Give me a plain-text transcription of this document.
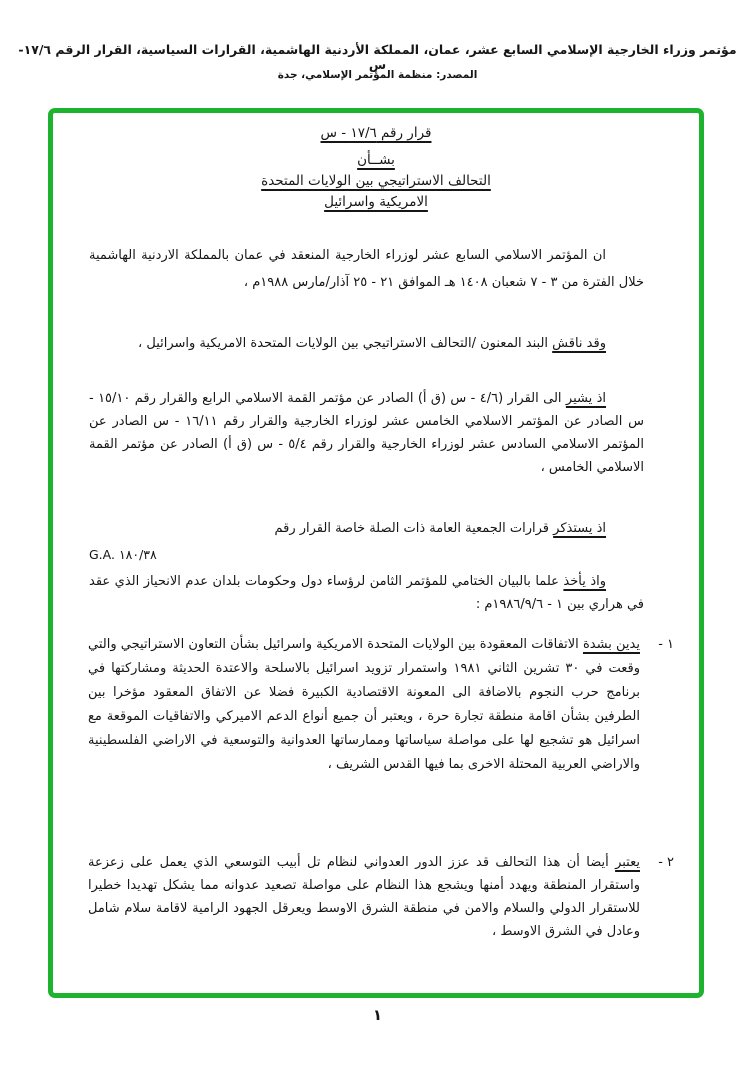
مؤتمر وزراء الخارجية الإسلامي السابع عشر، عمان، المملكة الأردنية الهاشمية، القرارات السياسية، القرار الرقم ١٧/٦-س
المصدر: منظمة المؤتمر الإسلامي، جدة
قرار رقم ١٧/٦ - س
بشــأن
التحالف الاستراتيجي بين الولايات المتحدة
الامريكية واسرائيل
ان المؤتمر الاسلامي السابع عشر لوزراء الخارجية المنعقد في عمان بالمملكة الاردنية الهاشمية خلال الفترة من ٣ - ٧ شعبان ١٤٠٨ هـ الموافق ٢١ - ٢٥ آذار/مارس ١٩٨٨م ،
وقد ناقش البند المعنون /التحالف الاستراتيجي بين الولايات المتحدة الامريكية واسرائيل ،
اذ يشير الى القرار (٤/٦ - س (ق أ) الصادر عن مؤتمر القمة الاسلامي الرابع والقرار رقم ١٥/١٠ - س الصادر عن المؤتمر الاسلامي الخامس عشر لوزراء الخارجية والقرار رقم ١٦/١١ - س الصادر عن المؤتمر الاسلامي السادس عشر لوزراء الخارجية والقرار رقم ٥/٤ - س (ق أ) الصادر عن مؤتمر القمة الاسلامي الخامس ،
اذ يستذكر قرارات الجمعية العامة ذات الصلة خاصة القرار رقم
G.A. ١٨٠/٣٨
واذ يأخذ علما بالبيان الختامي للمؤتمر الثامن لرؤساء دول وحكومات بلدان عدم الانحياز الذي عقد في هراري بين ١ - ١٩٨٦/٩/٦م :
١ -
يدين بشدة الاتفاقات المعقودة بين الولايات المتحدة الامريكية واسرائيل بشأن التعاون الاستراتيجي والتي وقعت في ٣٠ تشرين الثاني ١٩٨١ واستمرار تزويد اسرائيل بالاسلحة والاعتدة الحديثة ومشاركتها في برنامج حرب النجوم بالاضافة الى المعونة الاقتصادية الكبيرة فضلا عن الاتفاق المعقود مؤخرا بين الطرفين بشأن اقامة منطقة تجارة حرة ، ويعتبر أن جميع أنواع الدعم الاميركي والاتفاقيات الموقعة مع اسرائيل هو تشجيع لها على مواصلة سياساتها وممارساتها العدوانية والتوسعية في الاراضي الفلسطينية والاراضي العربية المحتلة الاخرى بما فيها القدس الشريف ،
٢ -
يعتبر أيضا أن هذا التحالف قد عزز الدور العدواني لنظام تل أبيب التوسعي الذي يعمل على زعزعة واستقرار المنطقة ويهدد أمنها ويشجع هذا النظام على مواصلة تصعيد عدوانه مما يشكل تهديدا خطيرا للاستقرار الدولي والسلام والامن في منطقة الشرق الاوسط ويعرقل الجهود الرامية لاقامة سلام شامل وعادل في الشرق الاوسط ،
١
